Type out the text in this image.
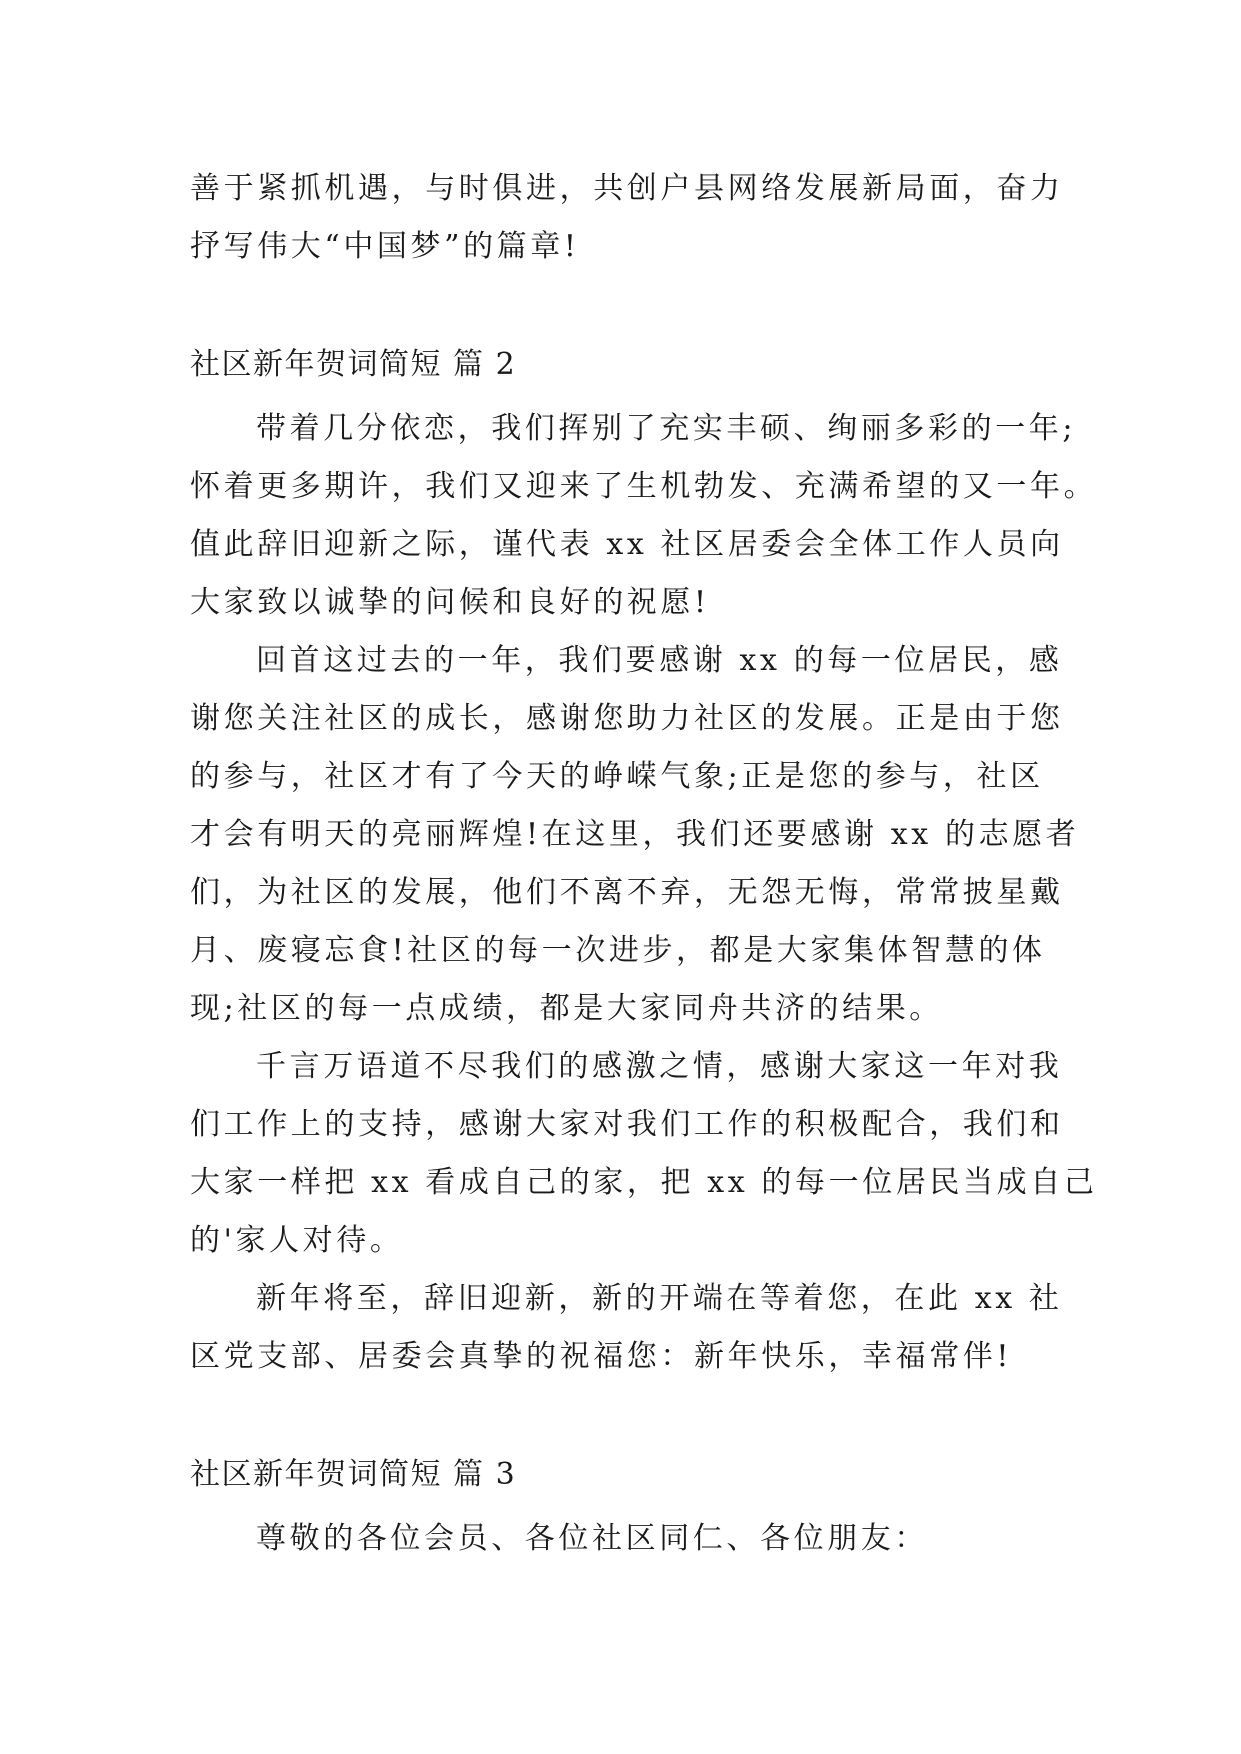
善于紧抓机遇，与时俱进，共创户县网络发展新局面，奋力
抒写伟大“中国梦”的篇章!
社区新年贺词简短 篇 2
带着几分依恋，我们挥别了充实丰硕、绚丽多彩的一年;
怀着更多期许，我们又迎来了生机勃发、充满希望的又一年。
值此辞旧迎新之际，谨代表 xx 社区居委会全体工作人员向
大家致以诚挚的问候和良好的祝愿!
回首这过去的一年，我们要感谢 xx 的每一位居民，感
谢您关注社区的成长，感谢您助力社区的发展。正是由于您
的参与，社区才有了今天的峥嵘气象;正是您的参与，社区
才会有明天的亮丽辉煌!在这里，我们还要感谢 xx 的志愿者
们，为社区的发展，他们不离不弃，无怨无悔，常常披星戴
月、废寝忘食!社区的每一次进步，都是大家集体智慧的体
现;社区的每一点成绩，都是大家同舟共济的结果。
千言万语道不尽我们的感激之情，感谢大家这一年对我
们工作上的支持，感谢大家对我们工作的积极配合，我们和
大家一样把 xx 看成自己的家，把 xx 的每一位居民当成自己
的'家人对待。
新年将至，辞旧迎新，新的开端在等着您，在此 xx 社
区党支部、居委会真挚的祝福您：新年快乐，幸福常伴!
社区新年贺词简短 篇 3
尊敬的各位会员、各位社区同仁、各位朋友：
